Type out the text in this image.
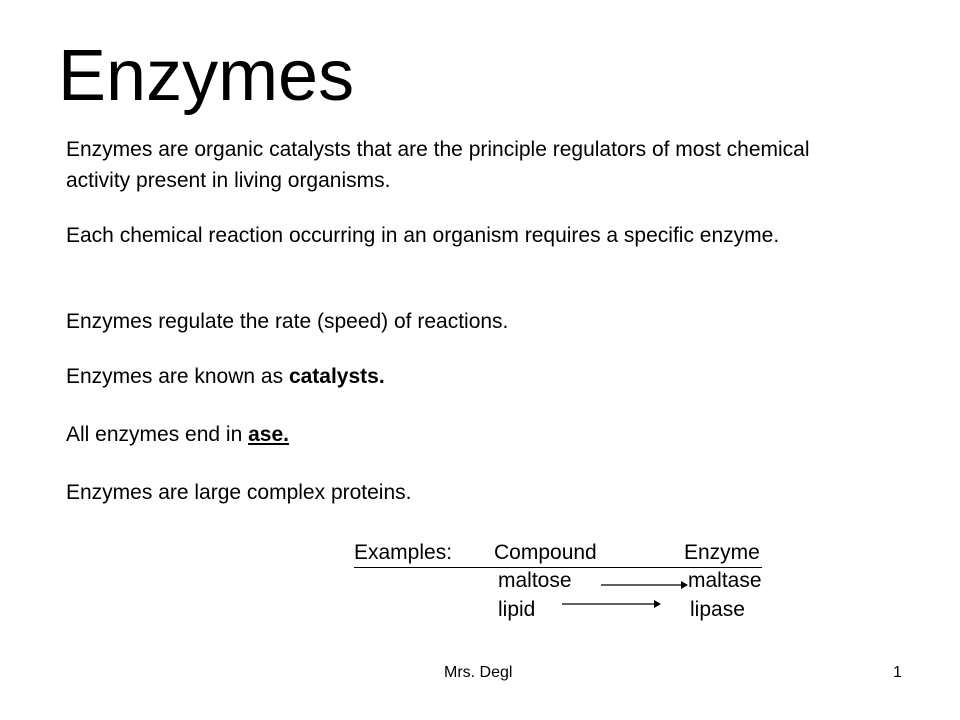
Enzymes

Enzymes are organic catalysts that are the principle regulators of most chemical activity present in living organisms.

Each chemical reaction occurring in an organism requires a specific enzyme.

Enzymes regulate the rate (speed) of reactions.

Enzymes are known as catalysts.

All enzymes end in ase.

Enzymes are large complex proteins.

Examples: Compound	Enzyme
maltose	maltase
lipid	lipase
Mrs. Degl	1
